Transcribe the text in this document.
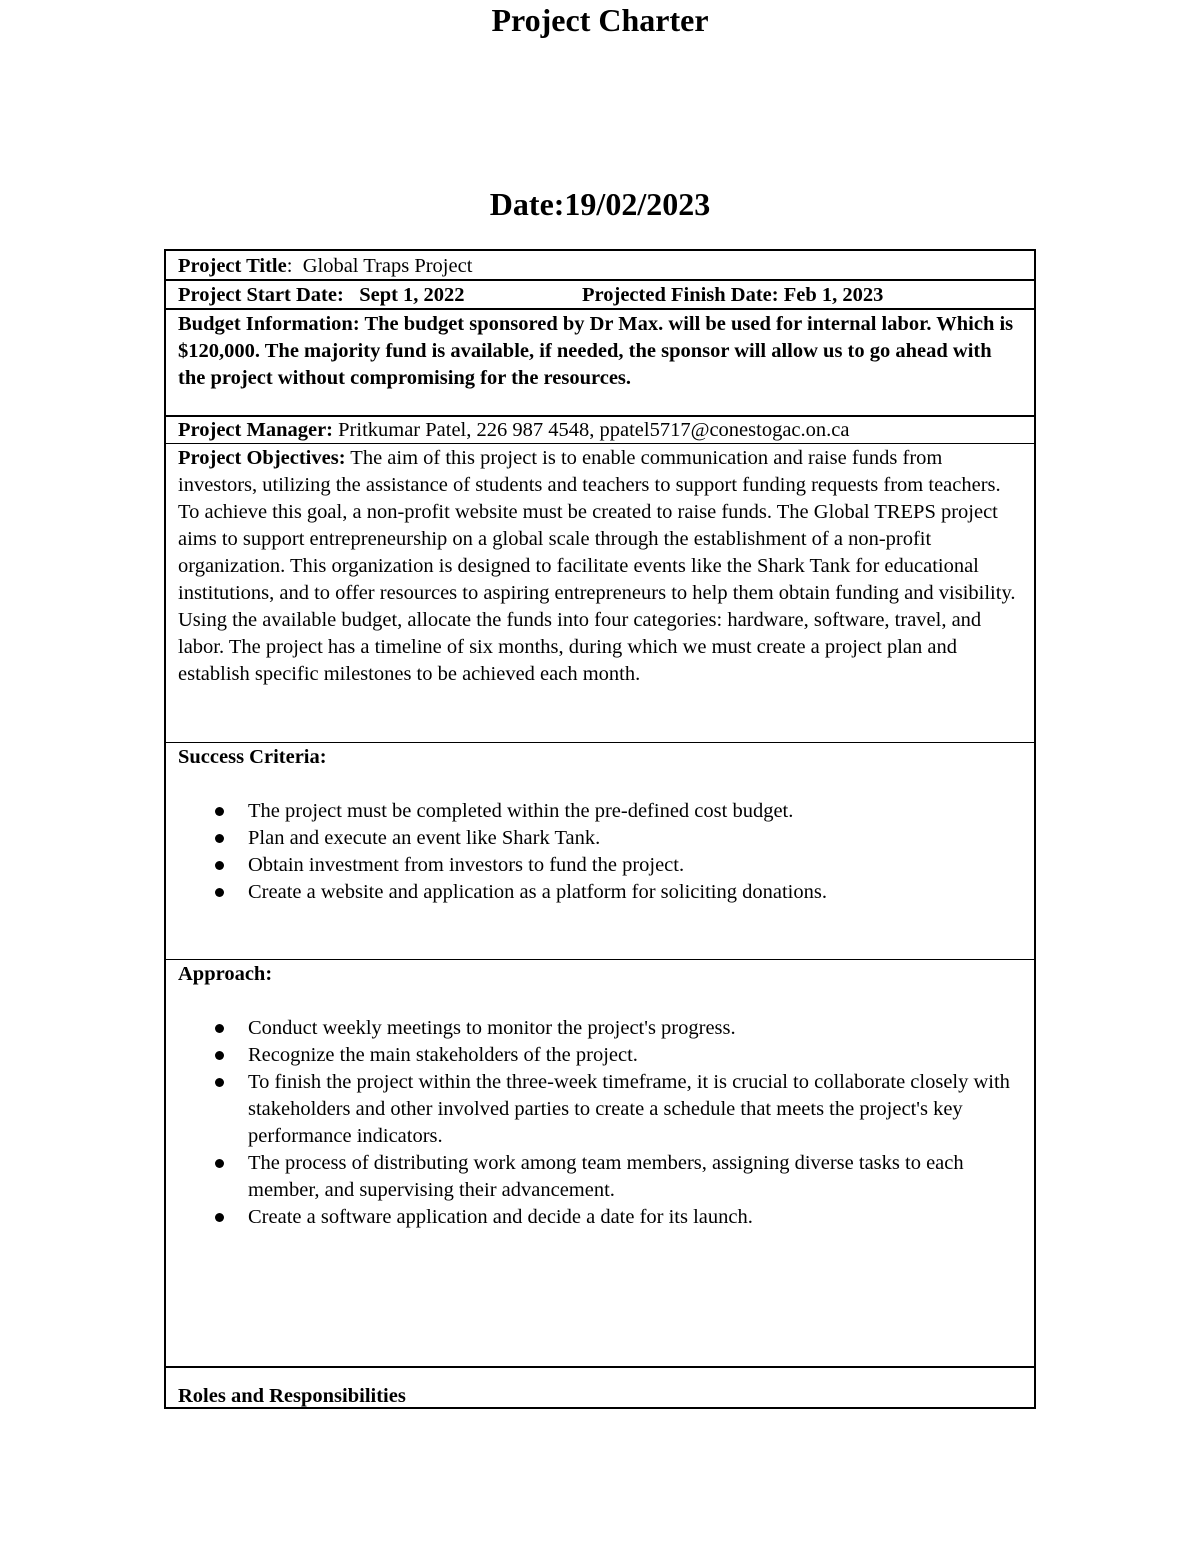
Project Charter
Date:19/02/2023
Project Title: Global Traps Project
Project Start Date: Sept 1, 2022	Projected Finish Date: Feb 1, 2023
Budget Information: The budget sponsored by Dr Max. will be used for internal labor. Which is $120,000. The majority fund is available, if needed, the sponsor will allow us to go ahead with the project without compromising for the resources.
Project Manager: Pritkumar Patel, 226 987 4548, ppatel5717@conestogac.on.ca
Project Objectives: The aim of this project is to enable communication and raise funds from investors, utilizing the assistance of students and teachers to support funding requests from teachers. To achieve this goal, a non-profit website must be created to raise funds. The Global TREPS project aims to support entrepreneurship on a global scale through the establishment of a non-profit organization. This organization is designed to facilitate events like the Shark Tank for educational institutions, and to offer resources to aspiring entrepreneurs to help them obtain funding and visibility. Using the available budget, allocate the funds into four categories: hardware, software, travel, and labor. The project has a timeline of six months, during which we must create a project plan and establish specific milestones to be achieved each month.
Success Criteria:
The project must be completed within the pre-defined cost budget.
Plan and execute an event like Shark Tank.
Obtain investment from investors to fund the project.
Create a website and application as a platform for soliciting donations.
Approach:
Conduct weekly meetings to monitor the project's progress.
Recognize the main stakeholders of the project.
To finish the project within the three-week timeframe, it is crucial to collaborate closely with stakeholders and other involved parties to create a schedule that meets the project's key performance indicators.
The process of distributing work among team members, assigning diverse tasks to each member, and supervising their advancement.
Create a software application and decide a date for its launch.
Roles and Responsibilities
